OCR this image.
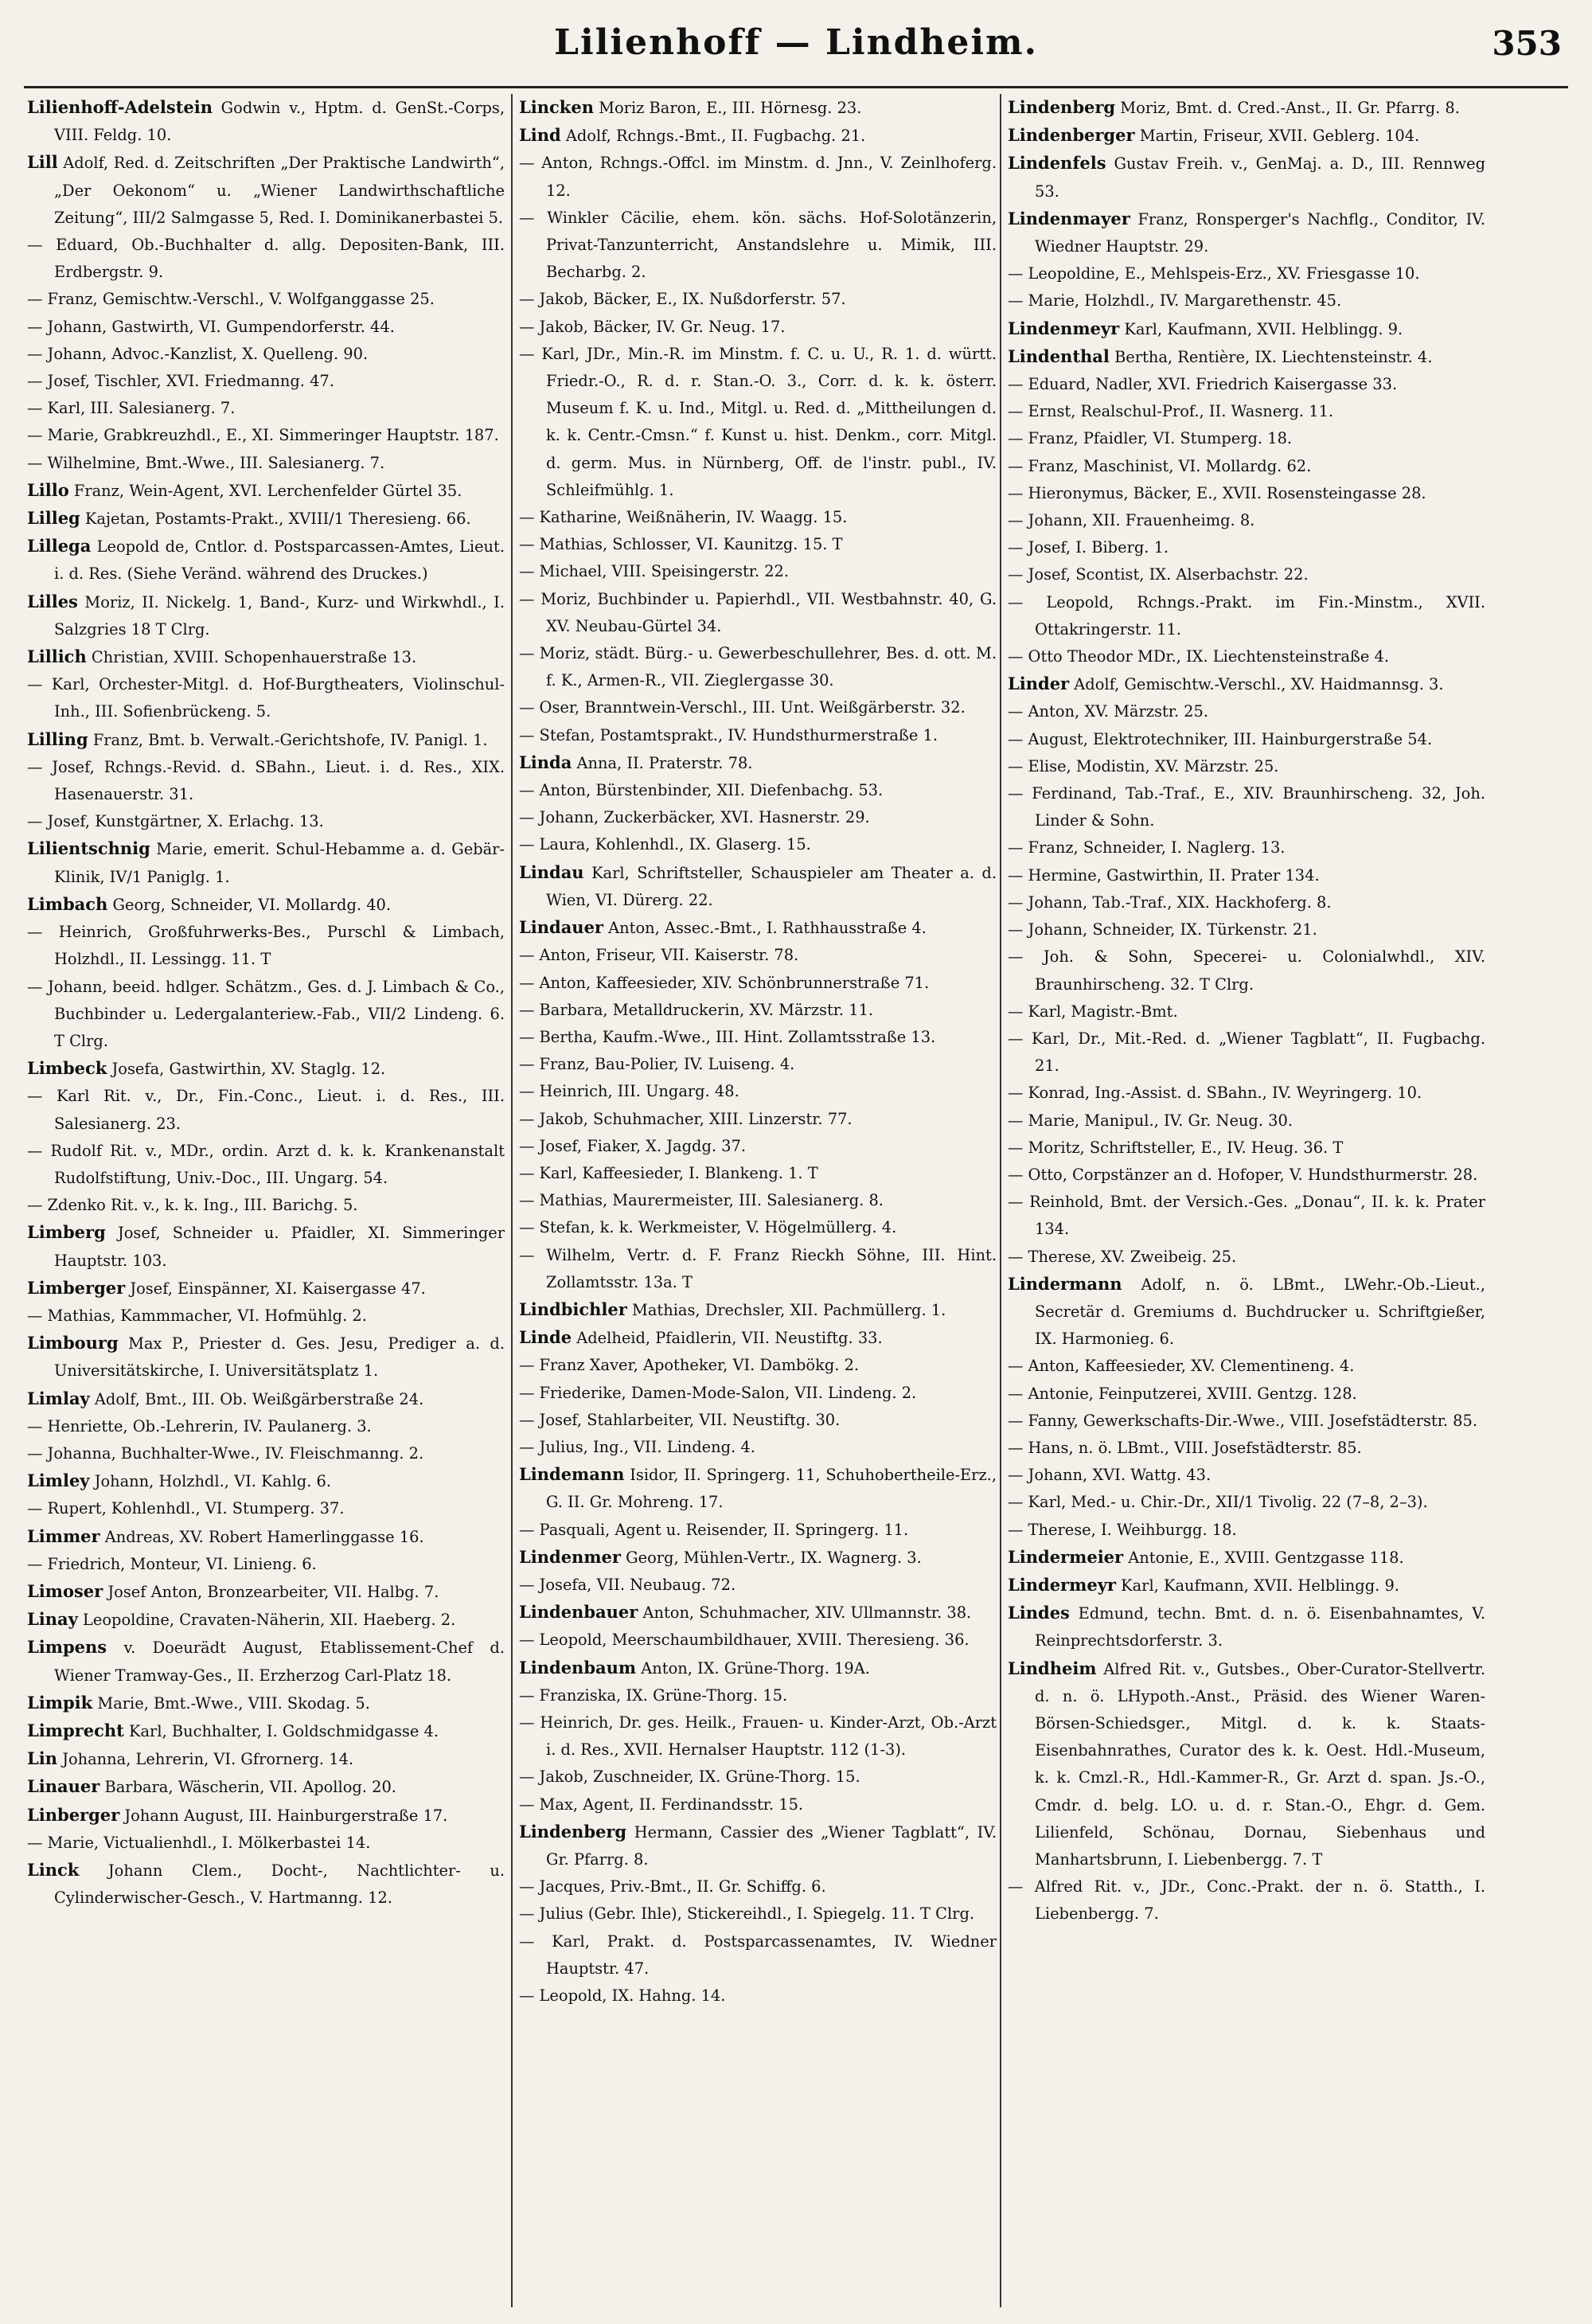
Lilienhoff — Lindheim.	353

Lilienhoff-Adelstein Godwin v., Hptm. d. GenSt.-Corps, VIII. Feldg. 10.

Lill Adolf, Red. d. Zeitschriften „Der Praktische Landwirth“, „Der Oekonom“ u. „Wiener Landwirthschaftliche Zeitung“, III/2 Salmgasse 5, Red. I. Dominikanerbastei 5.

— Eduard, Ob.-Buchhalter d. allg. Depositen-Bank, III. Erdbergstr. 9.

— Franz, Gemischtw.-Verschl., V. Wolfganggasse 25.

— Johann, Gastwirth, VI. Gumpendorferstr. 44.

— Johann, Advoc.-Kanzlist, X. Quelleng. 90.

— Josef, Tischler, XVI. Friedmanng. 47.

— Karl, III. Salesianerg. 7.

— Marie, Grabkreuzhdl., E., XI. Simmeringer Hauptstr. 187.

— Wilhelmine, Bmt.-Wwe., III. Salesianerg. 7.

Lillo Franz, Wein-Agent, XVI. Lerchenfelder Gürtel 35.

Lilleg Kajetan, Postamts-Prakt., XVIII/1 Theresieng. 66.

Lillega Leopold de, Cntlor. d. Postsparcassen-Amtes, Lieut. i. d. Res. (Siehe Veränd. während des Druckes.)

Lilles Moriz, II. Nickelg. 1, Band-, Kurz- und Wirkwhdl., I. Salzgries 18 T Clrg.

Lillich Christian, XVIII. Schopenhauerstraße 13.

— Karl, Orchester-Mitgl. d. Hof-Burgtheaters, Violinschul-Inh., III. Sofienbrückeng. 5.

Lilling Franz, Bmt. b. Verwalt.-Gerichtshofe, IV. Panigl. 1.

— Josef, Rchngs.-Revid. d. SBahn., Lieut. i. d. Res., XIX. Hasenauerstr. 31.

— Josef, Kunstgärtner, X. Erlachg. 13.

Lilientschnig Marie, emerit. Schul-Hebamme a. d. Gebär-Klinik, IV/1 Paniglg. 1.

Limbach Georg, Schneider, VI. Mollardg. 40.

— Heinrich, Großfuhrwerks-Bes., Purschl & Limbach, Holzhdl., II. Lessingg. 11. T

— Johann, beeid. hdlger. Schätzm., Ges. d. J. Limbach & Co., Buchbinder u. Ledergalanteriew.-Fab., VII/2 Lindeng. 6. T Clrg.

Limbeck Josefa, Gastwirthin, XV. Staglg. 12.

— Karl Rit. v., Dr., Fin.-Conc., Lieut. i. d. Res., III. Salesianerg. 23.

— Rudolf Rit. v., MDr., ordin. Arzt d. k. k. Krankenanstalt Rudolfstiftung, Univ.-Doc., III. Ungarg. 54.

— Zdenko Rit. v., k. k. Ing., III. Barichg. 5.

Limberg Josef, Schneider u. Pfaidler, XI. Simmeringer Hauptstr. 103.

Limberger Josef, Einspänner, XI. Kaisergasse 47.

— Mathias, Kammmacher, VI. Hofmühlg. 2.

Limbourg Max P., Priester d. Ges. Jesu, Prediger a. d. Universitätskirche, I. Universitätsplatz 1.

Limlay Adolf, Bmt., III. Ob. Weißgärberstraße 24.

— Henriette, Ob.-Lehrerin, IV. Paulanerg. 3.

— Johanna, Buchhalter-Wwe., IV. Fleischmanng. 2.

Limley Johann, Holzhdl., VI. Kahlg. 6.

— Rupert, Kohlenhdl., VI. Stumperg. 37.

Limmer Andreas, XV. Robert Hamerlinggasse 16.

— Friedrich, Monteur, VI. Linieng. 6.

Limoser Josef Anton, Bronzearbeiter, VII. Halbg. 7.

Linay Leopoldine, Cravaten-Näherin, XII. Haeberg. 2.

Limpens v. Doeurädt August, Etablissement-Chef d. Wiener Tramway-Ges., II. Erzherzog Carl-Platz 18.

Limpik Marie, Bmt.-Wwe., VIII. Skodag. 5.

Limprecht Karl, Buchhalter, I. Goldschmidgasse 4.

Lin Johanna, Lehrerin, VI. Gfrornerg. 14.

Linauer Barbara, Wäscherin, VII. Apollog. 20.

Linberger Johann August, III. Hainburgerstraße 17.

— Marie, Victualienhdl., I. Mölkerbastei 14.

Linck Johann Clem., Docht-, Nachtlichter- u. Cylinderwischer-Gesch., V. Hartmanng. 12.

Lincken Moriz Baron, E., III. Hörnesg. 23.

Lind Adolf, Rchngs.-Bmt., II. Fugbachg. 21.

— Anton, Rchngs.-Offcl. im Minstm. d. Jnn., V. Zeinlhoferg. 12.

— Winkler Cäcilie, ehem. kön. sächs. Hof-Solotänzerin, Privat-Tanzunterricht, Anstandslehre u. Mimik, III. Becharbg. 2.

— Jakob, Bäcker, E., IX. Nußdorferstr. 57.

— Jakob, Bäcker, IV. Gr. Neug. 17.

— Karl, JDr., Min.-R. im Minstm. f. C. u. U., R. 1. d. württ. Friedr.-O., R. d. r. Stan.-O. 3., Corr. d. k. k. österr. Museum f. K. u. Ind., Mitgl. u. Red. d. „Mittheilungen d. k. k. Centr.-Cmsn.“ f. Kunst u. hist. Denkm., corr. Mitgl. d. germ. Mus. in Nürnberg, Off. de l'instr. publ., IV. Schleifmühlg. 1.

— Katharine, Weißnäherin, IV. Waagg. 15.

— Mathias, Schlosser, VI. Kaunitzg. 15. T

— Michael, VIII. Speisingerstr. 22.

— Moriz, Buchbinder u. Papierhdl., VII. Westbahnstr. 40, G. XV. Neubau-Gürtel 34.

— Moriz, städt. Bürg.- u. Gewerbeschullehrer, Bes. d. ott. M. f. K., Armen-R., VII. Zieglergasse 30.

— Oser, Branntwein-Verschl., III. Unt. Weißgärberstr. 32.

— Stefan, Postamtsprakt., IV. Hundsthurmerstraße 1.

Linda Anna, II. Praterstr. 78.

— Anton, Bürstenbinder, XII. Diefenbachg. 53.

— Johann, Zuckerbäcker, XVI. Hasnerstr. 29.

— Laura, Kohlenhdl., IX. Glaserg. 15.

Lindau Karl, Schriftsteller, Schauspieler am Theater a. d. Wien, VI. Dürerg. 22.

Lindauer Anton, Assec.-Bmt., I. Rathhausstraße 4.

— Anton, Friseur, VII. Kaiserstr. 78.

— Anton, Kaffeesieder, XIV. Schönbrunnerstraße 71.

— Barbara, Metalldruckerin, XV. Märzstr. 11.

— Bertha, Kaufm.-Wwe., III. Hint. Zollamtsstraße 13.

— Franz, Bau-Polier, IV. Luiseng. 4.

— Heinrich, III. Ungarg. 48.

— Jakob, Schuhmacher, XIII. Linzerstr. 77.

— Josef, Fiaker, X. Jagdg. 37.

— Karl, Kaffeesieder, I. Blankeng. 1. T

— Mathias, Maurermeister, III. Salesianerg. 8.

— Stefan, k. k. Werkmeister, V. Högelmüllerg. 4.

— Wilhelm, Vertr. d. F. Franz Rieckh Söhne, III. Hint. Zollamtsstr. 13a. T

Lindbichler Mathias, Drechsler, XII. Pachmüllerg. 1.

Linde Adelheid, Pfaidlerin, VII. Neustiftg. 33.

— Franz Xaver, Apotheker, VI. Dambökg. 2.

— Friederike, Damen-Mode-Salon, VII. Lindeng. 2.

— Josef, Stahlarbeiter, VII. Neustiftg. 30.

— Julius, Ing., VII. Lindeng. 4.

Lindemann Isidor, II. Springerg. 11, Schuhobertheile-Erz., G. II. Gr. Mohreng. 17.

— Pasquali, Agent u. Reisender, II. Springerg. 11.

Lindenmer Georg, Mühlen-Vertr., IX. Wagnerg. 3.

— Josefa, VII. Neubaug. 72.

Lindenbauer Anton, Schuhmacher, XIV. Ullmannstr. 38.

— Leopold, Meerschaumbildhauer, XVIII. Theresieng. 36.

Lindenbaum Anton, IX. Grüne-Thorg. 19A.

— Franziska, IX. Grüne-Thorg. 15.

— Heinrich, Dr. ges. Heilk., Frauen- u. Kinder-Arzt, Ob.-Arzt i. d. Res., XVII. Hernalser Hauptstr. 112 (1-3).

— Jakob, Zuschneider, IX. Grüne-Thorg. 15.

— Max, Agent, II. Ferdinandsstr. 15.

Lindenberg Hermann, Cassier des „Wiener Tagblatt“, IV. Gr. Pfarrg. 8.

— Jacques, Priv.-Bmt., II. Gr. Schiffg. 6.

— Julius (Gebr. Ihle), Stickereihdl., I. Spiegelg. 11. T Clrg.

— Karl, Prakt. d. Postsparcassenamtes, IV. Wiedner Hauptstr. 47.

— Leopold, IX. Hahng. 14.

Lindenberg Moriz, Bmt. d. Cred.-Anst., II. Gr. Pfarrg. 8.

Lindenberger Martin, Friseur, XVII. Geblerg. 104.

Lindenfels Gustav Freih. v., GenMaj. a. D., III. Rennweg 53.

Lindenmayer Franz, Ronsperger's Nachflg., Conditor, IV. Wiedner Hauptstr. 29.

— Leopoldine, E., Mehlspeis-Erz., XV. Friesgasse 10.

— Marie, Holzhdl., IV. Margarethenstr. 45.

Lindenmeyr Karl, Kaufmann, XVII. Helblingg. 9.

Lindenthal Bertha, Rentière, IX. Liechtensteinstr. 4.

— Eduard, Nadler, XVI. Friedrich Kaisergasse 33.

— Ernst, Realschul-Prof., II. Wasnerg. 11.

— Franz, Pfaidler, VI. Stumperg. 18.

— Franz, Maschinist, VI. Mollardg. 62.

— Hieronymus, Bäcker, E., XVII. Rosensteingasse 28.

— Johann, XII. Frauenheimg. 8.

— Josef, I. Biberg. 1.

— Josef, Scontist, IX. Alserbachstr. 22.

— Leopold, Rchngs.-Prakt. im Fin.-Minstm., XVII. Ottakringerstr. 11.

— Otto Theodor MDr., IX. Liechtensteinstraße 4.

Linder Adolf, Gemischtw.-Verschl., XV. Haidmannsg. 3.

— Anton, XV. Märzstr. 25.

— August, Elektrotechniker, III. Hainburgerstraße 54.

— Elise, Modistin, XV. Märzstr. 25.

— Ferdinand, Tab.-Traf., E., XIV. Braunhirscheng. 32, Joh. Linder & Sohn.

— Franz, Schneider, I. Naglerg. 13.

— Hermine, Gastwirthin, II. Prater 134.

— Johann, Tab.-Traf., XIX. Hackhoferg. 8.

— Johann, Schneider, IX. Türkenstr. 21.

— Joh. & Sohn, Specerei- u. Colonialwhdl., XIV. Braunhirscheng. 32. T Clrg.

— Karl, Magistr.-Bmt.

— Karl, Dr., Mit.-Red. d. „Wiener Tagblatt“, II. Fugbachg. 21.

— Konrad, Ing.-Assist. d. SBahn., IV. Weyringerg. 10.

— Marie, Manipul., IV. Gr. Neug. 30.

— Moritz, Schriftsteller, E., IV. Heug. 36. T

— Otto, Corpstänzer an d. Hofoper, V. Hundsthurmerstr. 28.

— Reinhold, Bmt. der Versich.-Ges. „Donau“, II. k. k. Prater 134.

— Therese, XV. Zweibeig. 25.

Lindermann Adolf, n. ö. LBmt., LWehr.-Ob.-Lieut., Secretär d. Gremiums d. Buchdrucker u. Schriftgießer, IX. Harmonieg. 6.

— Anton, Kaffeesieder, XV. Clementineng. 4.

— Antonie, Feinputzerei, XVIII. Gentzg. 128.

— Fanny, Gewerkschafts-Dir.-Wwe., VIII. Josefstädterstr. 85.

— Hans, n. ö. LBmt., VIII. Josefstädterstr. 85.

— Johann, XVI. Wattg. 43.

— Karl, Med.- u. Chir.-Dr., XII/1 Tivolig. 22 (7–8, 2–3).

— Therese, I. Weihburgg. 18.

Lindermeier Antonie, E., XVIII. Gentzgasse 118.

Lindermeyr Karl, Kaufmann, XVII. Helblingg. 9.

Lindes Edmund, techn. Bmt. d. n. ö. Eisenbahnamtes, V. Reinprechtsdorferstr. 3.

Lindheim Alfred Rit. v., Gutsbes., Ober-Curator-Stellvertr. d. n. ö. LHypoth.-Anst., Präsid. des Wiener Waren-Börsen-Schiedsger., Mitgl. d. k. k. Staats-Eisenbahnrathes, Curator des k. k. Oest. Hdl.-Museum, k. k. Cmzl.-R., Hdl.-Kammer-R., Gr. Arzt d. span. Js.-O., Cmdr. d. belg. LO. u. d. r. Stan.-O., Ehgr. d. Gem. Lilienfeld, Schönau, Dornau, Siebenhaus und Manhartsbrunn, I. Liebenbergg. 7. T

— Alfred Rit. v., JDr., Conc.-Prakt. der n. ö. Statth., I. Liebenbergg. 7.
